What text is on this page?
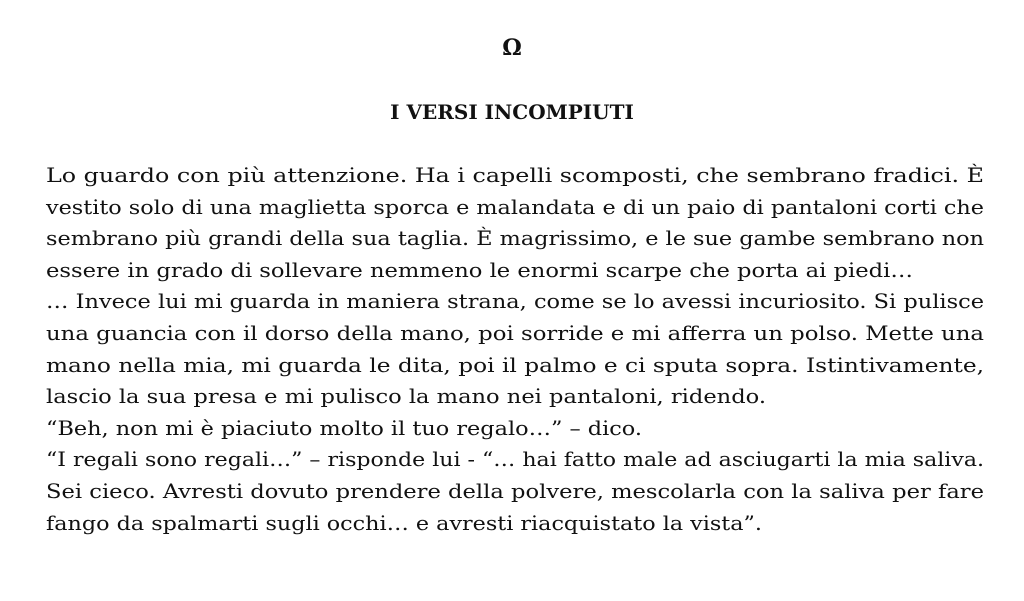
Ω
I VERSI INCOMPIUTI
Lo guardo con più attenzione. Ha i capelli scomposti, che sembrano fradici. È
vestito solo di una maglietta sporca e malandata e di un paio di pantaloni corti che
sembrano più grandi della sua taglia. È magrissimo, e le sue gambe sembrano non
essere in grado di sollevare nemmeno le enormi scarpe che porta ai piedi…
… Invece lui mi guarda in maniera strana, come se lo avessi incuriosito. Si pulisce
una guancia con il dorso della mano, poi sorride e mi afferra un polso. Mette una
mano nella mia, mi guarda le dita, poi il palmo e ci sputa sopra. Istintivamente,
lascio la sua presa e mi pulisco la mano nei pantaloni, ridendo.
“Beh, non mi è piaciuto molto il tuo regalo…” – dico.
“I regali sono regali…” – risponde lui - “… hai fatto male ad asciugarti la mia saliva.
Sei cieco. Avresti dovuto prendere della polvere, mescolarla con la saliva per fare
fango da spalmarti sugli occhi… e avresti riacquistato la vista”.
